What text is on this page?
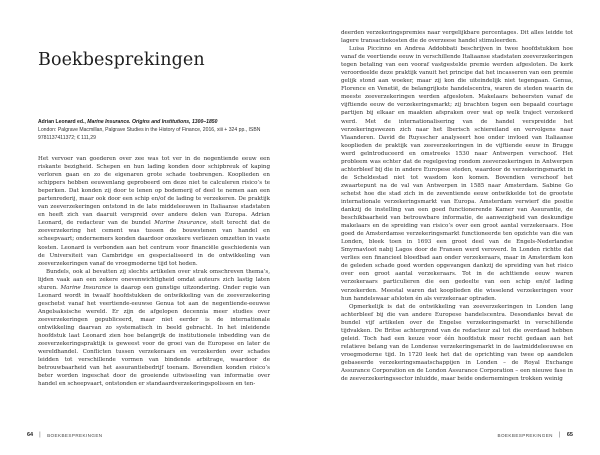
Boekbesprekingen
Adrian Leonard ed., Marine Insurance. Origins and Institutions, 1300–1850
London: Palgrave Macmillan, Palgrave Studies in the History of Finance, 2016, xiii + 324 pp., ISBN 9781137411372; € 111,29

Het vervoer van goederen over zee was tot ver in de negentiende eeuw een riskante bezigheid. Schepen en hun lading konden door schipbreuk of kaping verloren gaan en zo de eigenaren grote schade toebrengen. Kooplieden en schippers hebben eeuwenlang geprobeerd om deze niet te calculeren risico’s te beperken. Dat konden zij door te lenen op bodemerij of deel te nemen aan een partenrederij, maar ook door een schip en/of de lading te verzekeren. De praktijk van zeeverzekeringen ontstond in de late middeleeuwen in Italiaanse stadstaten en heeft zich van daaruit verspreid over andere delen van Europa. Adrian Leonard, de redacteur van de bundel Marine Insurance, stelt terecht dat de zeeverzekering het cement was tussen de bouwstenen van handel en scheepvaart; ondernemers konden daardoor onzekere verliezen omzetten in vaste kosten. Leonard is verbonden aan het centrum voor financiële geschiedenis van de Universiteit van Cambridge en gespecialiseerd in de ontwikkeling van zeeverzekeringen vanaf de vroegmoderne tijd tot heden.

Bundels, ook al bevatten zij slechts artikelen over strak omschreven thema’s, lijden vaak aan een zekere onevenwichtigheid omdat auteurs zich lastig laten sturen. Marine Insurance is daarop een gunstige uitzondering. Onder regie van Leonard wordt in twaalf hoofdstukken de ontwikkeling van de zeeverzekering geschetst vanaf het veertiende-eeuwse Genua tot aan de negentiende-eeuwse Angelsaksische wereld. Er zijn de afgelopen decennia meer studies over zeeverzekeringen gepubliceerd, maar niet eerder is de internationale ontwikkeling daarvan zo systematisch in beeld gebracht. In het inleidende hoofdstuk laat Leonard zien hoe belangrijk de institutionele inbedding van de zeeverzekeringspraktijk is geweest voor de groei van de Europese en later de wereldhandel. Conflicten tussen verzekeraars en verzekerden over schades leidden tot verschillende vormen van bindende arbitrage, waardoor de betrouwbaarheid van het assurantiebedrijf toenam. Bovendien konden risico’s beter worden ingeschat door de groeiende uitwisseling van informatie over handel en scheepvaart, ontstonden er standaardverzekeringspolissen en ten-

64 | BOEKBESPREKINGEN

deerden verzekeringspremies naar vergelijkbare percentages. Dit alles leidde tot lagere transactiekosten die de overzeese handel stimuleerden.

Luisa Piccinno en Andrea Addobbati beschrijven in twee hoofdstukken hoe vanaf de veertiende eeuw in verschillende Italiaanse stadstaten zeeverzekeringen tegen betaling van een vooraf vastgestelde premie werden afgesloten. De kerk veroordeelde deze praktijk vanuit het principe dat het incasseren van een premie gelijk stond aan woeker, maar zij kon die uiteindelijk niet tegengaan. Genua, Florence en Venetië, de belangrijkste handelscentra, waren de steden waarin de meeste zeeverzekeringen werden afgesloten. Makelaars beheersten vanaf de vijftiende eeuw de verzekeringsmarkt; zij brachten tegen een bepaald courtage partijen bij elkaar en maakten afspraken over wat op welk traject verzekerd werd. Met de internationalisering van de handel verspreidde het verzekeringswezen zich naar het Iberisch schiereiland en vervolgens naar Vlaanderen. David de Ruysscher analyseert hoe onder invloed van Italiaanse kooplieden de praktijk van zeeverzekeringen in de vijftiende eeuw in Brugge werd geïntroduceerd en omstreeks 1530 naar Antwerpen verschoof. Het probleem was echter dat de regelgeving rondom zeeverzekeringen in Antwerpen achterbleef bij die in andere Europese steden, waardoor de verzekeringsmarkt in de Scheldestad niet tot wasdom kon komen. Bovendien verschoof het zwaartepunt na de val van Antwerpen in 1585 naar Amsterdam. Sabine Go schetst hoe die stad zich in de zeventiende eeuw ontwikkelde tot de grootste internationale verzekeringsmarkt van Europa. Amsterdam verwierf die positie dankzij de instelling van een goed functionerende Kamer van Assurantie, de beschikbaarheid van betrouwbare informatie, de aanwezigheid van deskundige makelaars en de spreiding van risico’s over een groot aantal verzekeraars. Hoe goed de Amsterdamse verzekeringsmarkt functioneerde ten opzichte van die van Londen, bleek toen in 1693 een groot deel van de Engels-Nederlandse Smyrnavloot nabij Lagos door de Fransen werd veroverd. In Londen richtte dat verlies een financieel bloedbad aan onder verzekeraars, maar in Amsterdam kon de geleden schade goed worden opgevangen dankzij de spreiding van het risico over een groot aantal verzekeraars. Tot in de achttiende eeuw waren verzekeraars particulieren die een gedeelte van een schip en/of lading verzekerden. Meestal waren dat kooplieden die wisselend verzekeringen voor hun handelswaar afsloten én als verzekeraar optraden.

Opmerkelijk is dat de ontwikkeling van zeeverzekeringen in Londen lang achterbleef bij die van andere Europese handelscentra. Desondanks bevat de bundel vijf artikelen over de Engelse verzekeringsmarkt in verschillende tijdvakken. De Britse achtergrond van de redacteur zal tot die overdaad hebben geleid. Toch had een keuze voor één hoofdstuk meer recht gedaan aan het relatieve belang van de Londense verzekeringsmarkt in de laatmiddeleeuwse en vroegmoderne tijd. In 1720 leek het dat de oprichting van twee op aandelen gebaseerde verzekeringsmaatschappijen in Londen – de Royal Exchange Assurance Corporation en de London Assurance Corporation – een nieuwe fase in de zeeverzekeringssector inluidde, maar beide ondernemingen trokken weinig

BOEKBESPREKINGEN | 65
